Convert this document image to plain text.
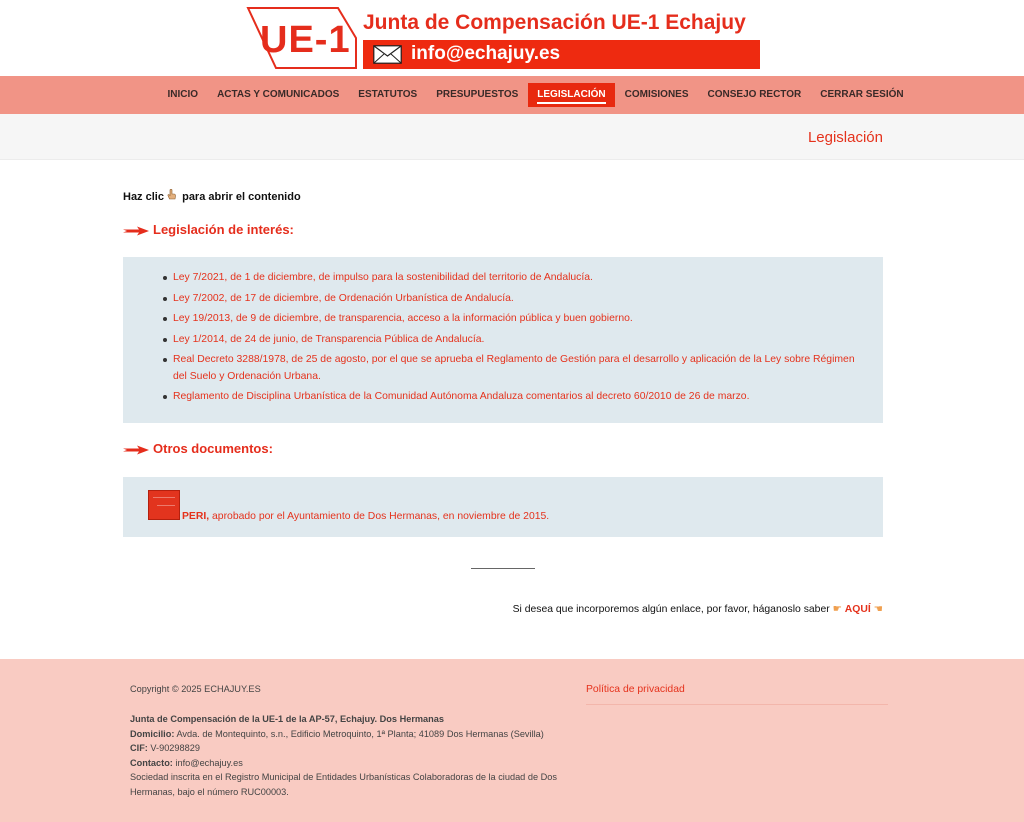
UE-1 Junta de Compensación UE-1 Echajuy
info@echajuy.es
INICIO	ACTAS Y COMUNICADOS	ESTATUTOS	PRESUPUESTOS	LEGISLACIÓN	COMISIONES	CONSEJO RECTOR	CERRAR SESIÓN
Legislación
Haz clic para abrir el contenido
Legislación de interés:
Ley 7/2021, de 1 de diciembre, de impulso para la sostenibilidad del territorio de Andalucía.
Ley 7/2002, de 17 de diciembre, de Ordenación Urbanística de Andalucía.
Ley 19/2013, de 9 de diciembre, de transparencia, acceso a la información pública y buen gobierno.
Ley 1/2014, de 24 de junio, de Transparencia Pública de Andalucía.
Real Decreto 3288/1978, de 25 de agosto, por el que se aprueba el Reglamento de Gestión para el desarrollo y aplicación de la Ley sobre Régimen del Suelo y Ordenación Urbana.
Reglamento de Disciplina Urbanística de la Comunidad Autónoma Andaluza comentarios al decreto 60/2010 de 26 de marzo.
Otros documentos:
PERI, aprobado por el Ayuntamiento de Dos Hermanas, en noviembre de 2015.
Si desea que incorporemos algún enlace, por favor, háganoslo saber ☛ AQUÍ ☚
Copyright © 2025 ECHAJUY.ES
Junta de Compensación de la UE-1 de la AP-57, Echajuy. Dos Hermanas
Domicilio: Avda. de Montequinto, s.n., Edificio Metroquinto, 1ª Planta; 41089 Dos Hermanas (Sevilla)
CIF: V-90298829
Contacto: info@echajuy.es
Sociedad inscrita en el Registro Municipal de Entidades Urbanísticas Colaboradoras de la ciudad de Dos Hermanas, bajo el número RUC00003.
Política de privacidad
